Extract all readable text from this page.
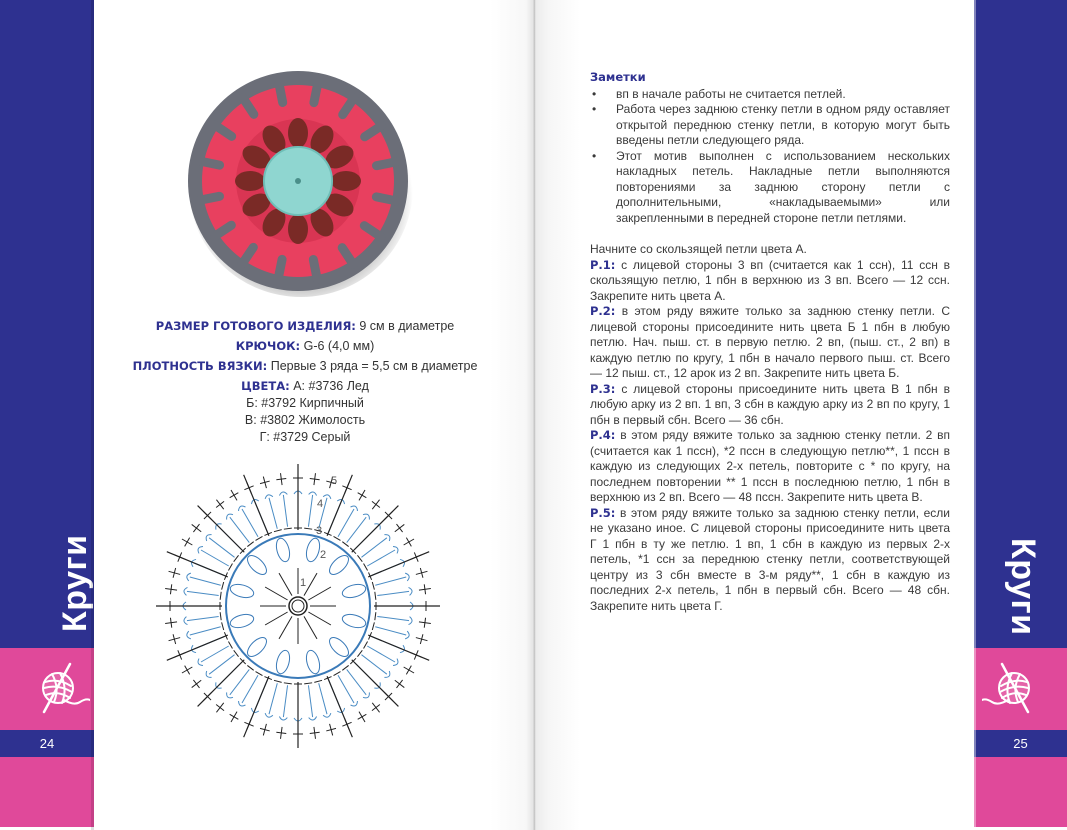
Круги
24
РАЗМЕР ГОТОВОГО ИЗДЕЛИЯ: 9 см в диаметре
КРЮЧОК: G-6 (4,0 мм)
ПЛОТНОСТЬ ВЯЗКИ: Первые 3 ряда = 5,5 см в диаметре
ЦВЕТА: А: #3736 Лед
Б: #3792 Кирпичный
В: #3802 Жимолость
Г: #3729 Серый
1
2
3
4
5
Заметки
• вп в начале работы не считается петлей.
• Работа через заднюю стенку петли в одном ряду оставляет открытой переднюю стенку петли, в которую могут быть введены петли следующего ряда.
• Этот мотив выполнен с использованием нескольких накладных петель. Накладные петли выполняются повторениями за заднюю сторону петли с дополнительными, «накладываемыми» или закрепленными в передней стороне петли петлями.

Начните со скользящей петли цвета А.

Р.1: с лицевой стороны 3 вп (считается как 1 ссн), 11 ссн в скользящую петлю, 1 пбн в верхнюю из 3 вп. Всего — 12 ссн. Закрепите нить цвета А.

Р.2: в этом ряду вяжите только за заднюю стенку петли. С лицевой стороны присоедините нить цвета Б 1 пбн в любую петлю. Нач. пыш. ст. в первую петлю. 2 вп, (пыш. ст., 2 вп) в каждую петлю по кругу, 1 пбн в начало первого пыш. ст. Всего — 12 пыш. ст., 12 арок из 2 вп. Закрепите нить цвета Б.

Р.3: с лицевой стороны присоедините нить цвета В 1 пбн в любую арку из 2 вп. 1 вп, 3 сбн в каждую арку из 2 вп по кругу, 1 пбн в первый сбн. Всего — 36 сбн.

Р.4: в этом ряду вяжите только за заднюю стенку петли. 2 вп (считается как 1 пссн), *2 пссн в следующую петлю**, 1 пссн в каждую из следующих 2-х петель, повторите с * по кругу, на последнем повторении ** 1 пссн в последнюю петлю, 1 пбн в верхнюю из 2 вп. Всего — 48 пссн. Закрепите нить цвета В.

Р.5: в этом ряду вяжите только за заднюю стенку петли, если не указано иное. С лицевой стороны присоедините нить цвета Г 1 пбн в ту же петлю. 1 вп, 1 сбн в каждую из первых 2-х петель, *1 ссн за переднюю стенку петли, соответствующей центру из 3 сбн вместе в 3-м ряду**, 1 сбн в каждую из последних 2-х петель, 1 пбн в первый сбн. Всего — 48 сбн. Закрепите нить цвета Г.	Круги
25
